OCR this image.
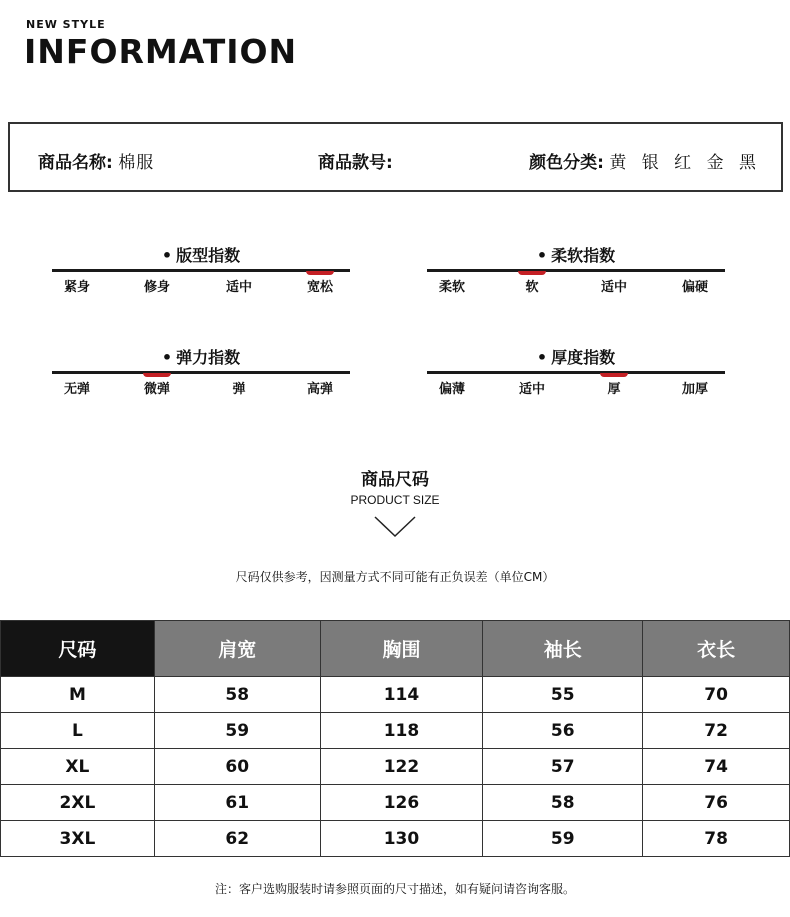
NEW STYLE
INFORMATION
商品名称: 棉服	商品款号:	颜色分类: 黄 银 红 金 黑
• 版型指数
紧身	修身	适中	宽松
• 柔软指数
柔软	软	适中	偏硬
• 弹力指数
无弹	微弹	弹	高弹
• 厚度指数
偏薄	适中	厚	加厚
商品尺码
PRODUCT SIZE
尺码仅供参考，因测量方式不同可能有正负误差（单位CM）
尺码	肩宽	胸围	袖长	衣长
M	58	114	55	70
L	59	118	56	72
XL	60	122	57	74
2XL	61	126	58	76
3XL	62	130	59	78
注：客户选购服装时请参照页面的尺寸描述，如有疑问请咨询客服。
